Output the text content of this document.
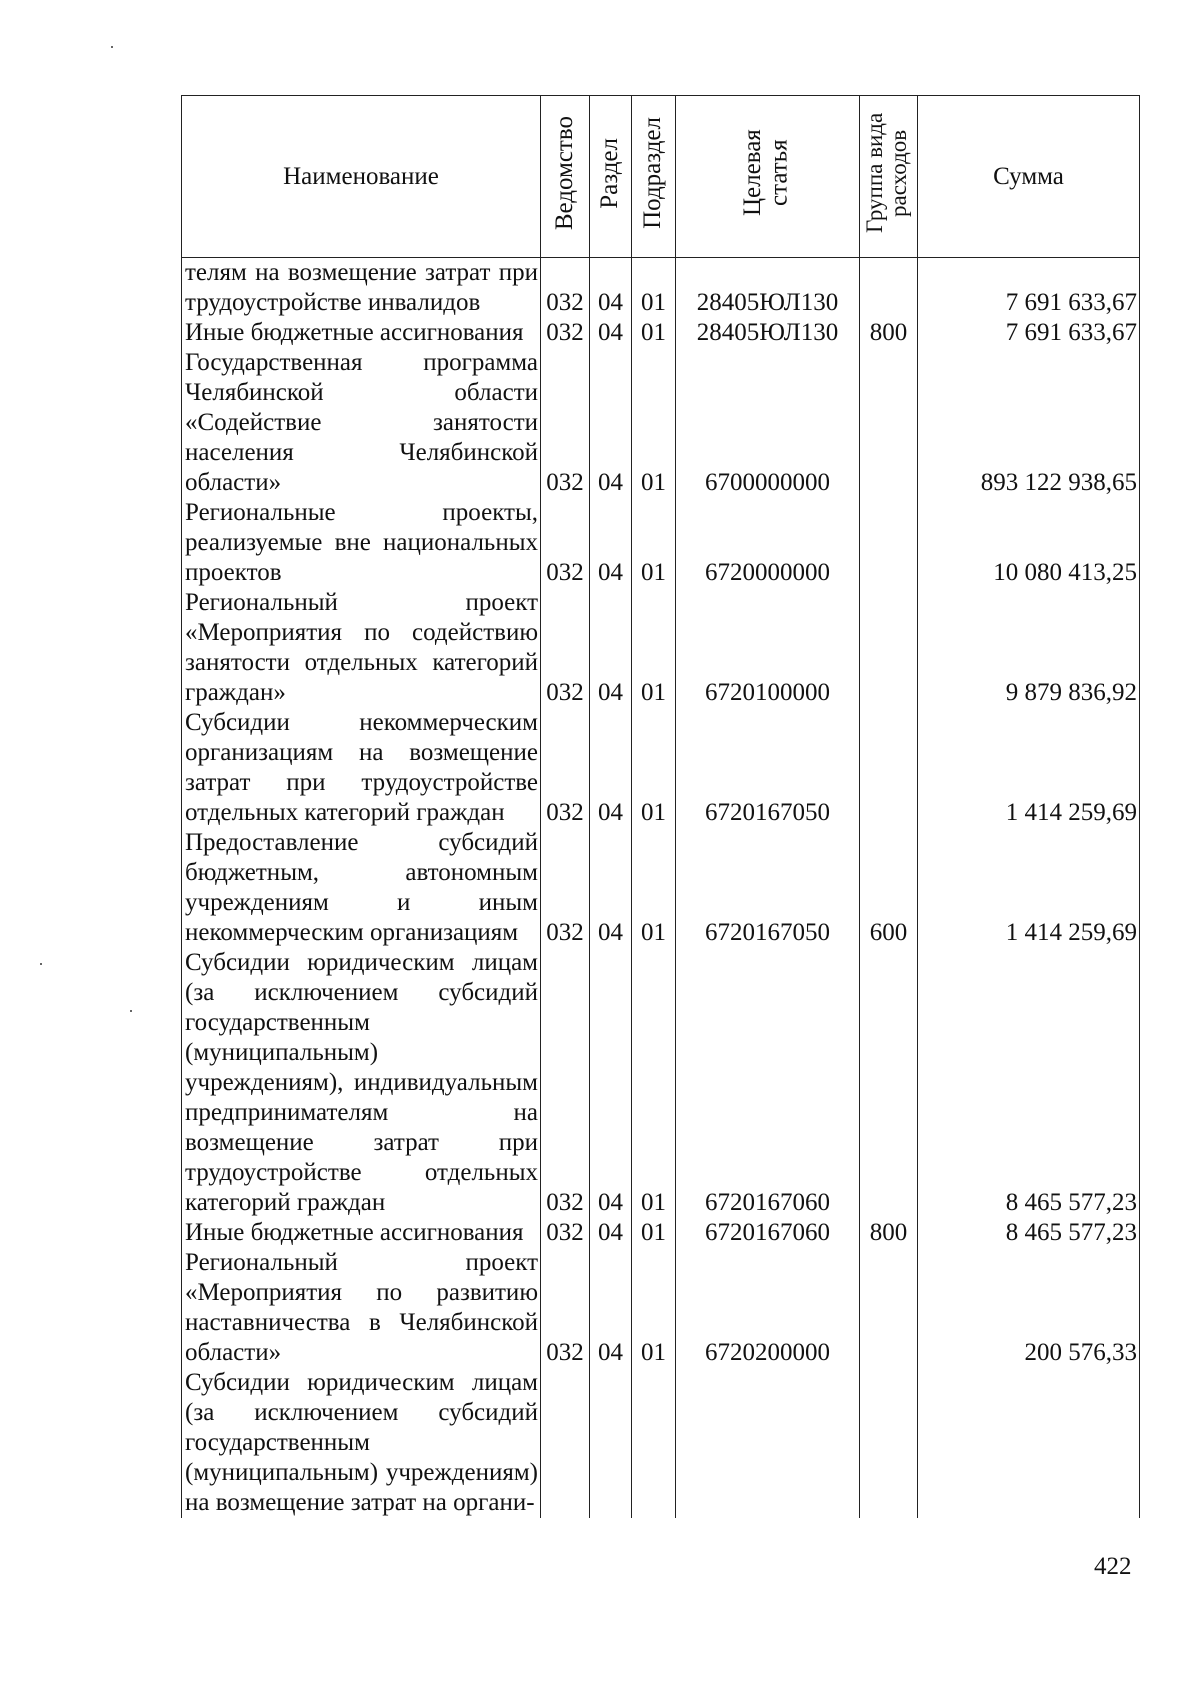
Наименование	Ведомство	Раздел	Подраздел	Целевая статья	Группа вида расходов	Сумма

телям на возмещение затрат при трудоустройстве инвалидов	032	04	01	28405ЮЛ130		7 691 633,67

Иные бюджетные ассигнования	032	04	01	28405ЮЛ130	800	7 691 633,67

Государственная программа Челябинской области «Содействие занятости населения Челябинской области»	032	04	01	6700000000		893 122 938,65

Региональные проекты, реализуемые вне национальных проектов	032	04	01	6720000000		10 080 413,25

Региональный проект «Мероприятия по содействию занятости отдельных категорий граждан»	032	04	01	6720100000		9 879 836,92

Субсидии некоммерческим организациям на возмещение затрат при трудоустройстве отдельных категорий граждан	032	04	01	6720167050		1 414 259,69

Предоставление субсидий бюджетным, автономным учреждениям и иным некоммерческим организациям	032	04	01	6720167050	600	1 414 259,69

Субсидии юридическим лицам (за исключением субсидий государственным (муниципальным) учреждениям), индивидуальным предпринимателям на возмещение затрат при трудоустройстве отдельных категорий граждан	032	04	01	6720167060		8 465 577,23

Иные бюджетные ассигнования	032	04	01	6720167060	800	8 465 577,23

Региональный проект «Мероприятия по развитию наставничества в Челябинской области»	032	04	01	6720200000		200 576,33

Субсидии юридическим лицам (за исключением субсидий государственным (муниципальным) учреждениям) на возмещение затрат на органи-						

422
